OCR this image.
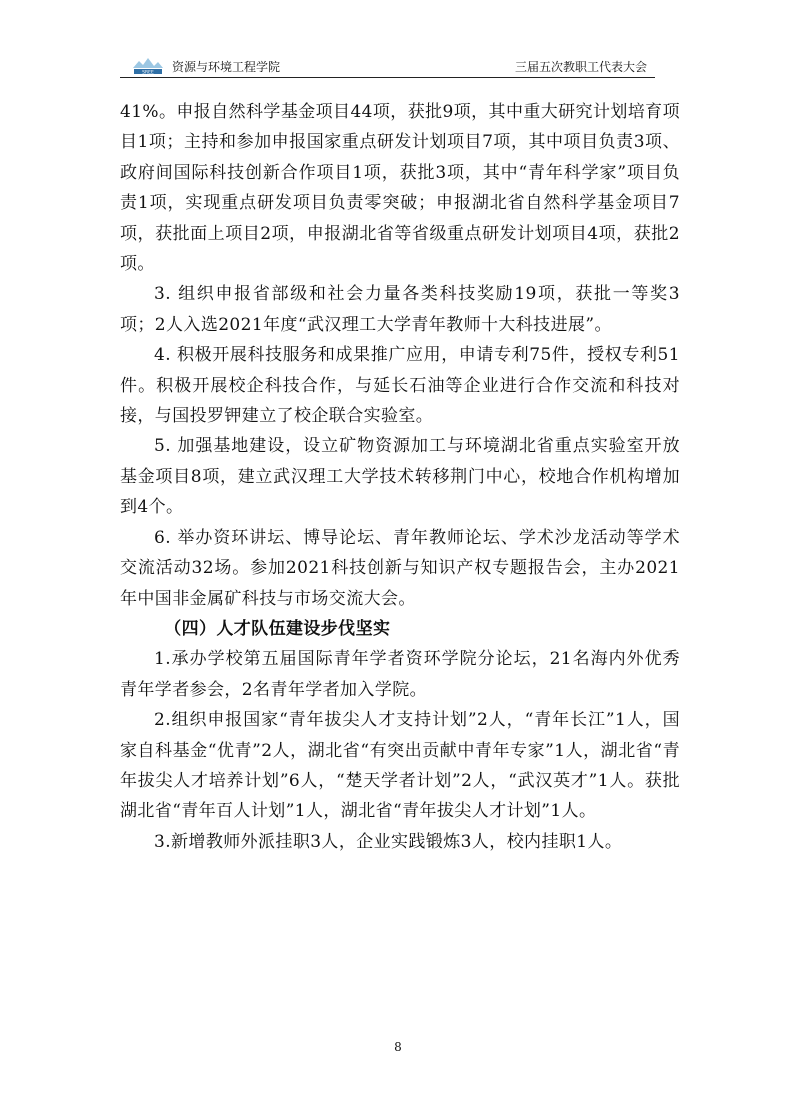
SREE 资源与环境工程学院	三届五次教职工代表大会

41%。申报自然科学基金项目44项，获批9项，其中重大研究计划培育项目1项；主持和参加申报国家重点研发计划项目7项，其中项目负责3项、政府间国际科技创新合作项目1项，获批3项，其中“青年科学家”项目负责1项，实现重点研发项目负责零突破；申报湖北省自然科学基金项目7项，获批面上项目2项，申报湖北省等省级重点研发计划项目4项，获批2项。

3. 组织申报省部级和社会力量各类科技奖励19项，获批一等奖3项；2人入选2021年度“武汉理工大学青年教师十大科技进展”。

4. 积极开展科技服务和成果推广应用，申请专利75件，授权专利51件。积极开展校企科技合作，与延长石油等企业进行合作交流和科技对接，与国投罗钾建立了校企联合实验室。

5. 加强基地建设，设立矿物资源加工与环境湖北省重点实验室开放基金项目8项，建立武汉理工大学技术转移荆门中心，校地合作机构增加到4个。

6. 举办资环讲坛、博导论坛、青年教师论坛、学术沙龙活动等学术交流活动32场。参加2021科技创新与知识产权专题报告会，主办2021年中国非金属矿科技与市场交流大会。

（四）人才队伍建设步伐坚实

1.承办学校第五届国际青年学者资环学院分论坛，21名海内外优秀青年学者参会，2名青年学者加入学院。

2.组织申报国家“青年拔尖人才支持计划”2人，“青年长江”1人，国家自科基金“优青”2人，湖北省“有突出贡献中青年专家”1人，湖北省“青年拔尖人才培养计划”6人，“楚天学者计划”2人，“武汉英才”1人。获批湖北省“青年百人计划”1人，湖北省“青年拔尖人才计划”1人。

3.新增教师外派挂职3人，企业实践锻炼3人，校内挂职1人。

8
